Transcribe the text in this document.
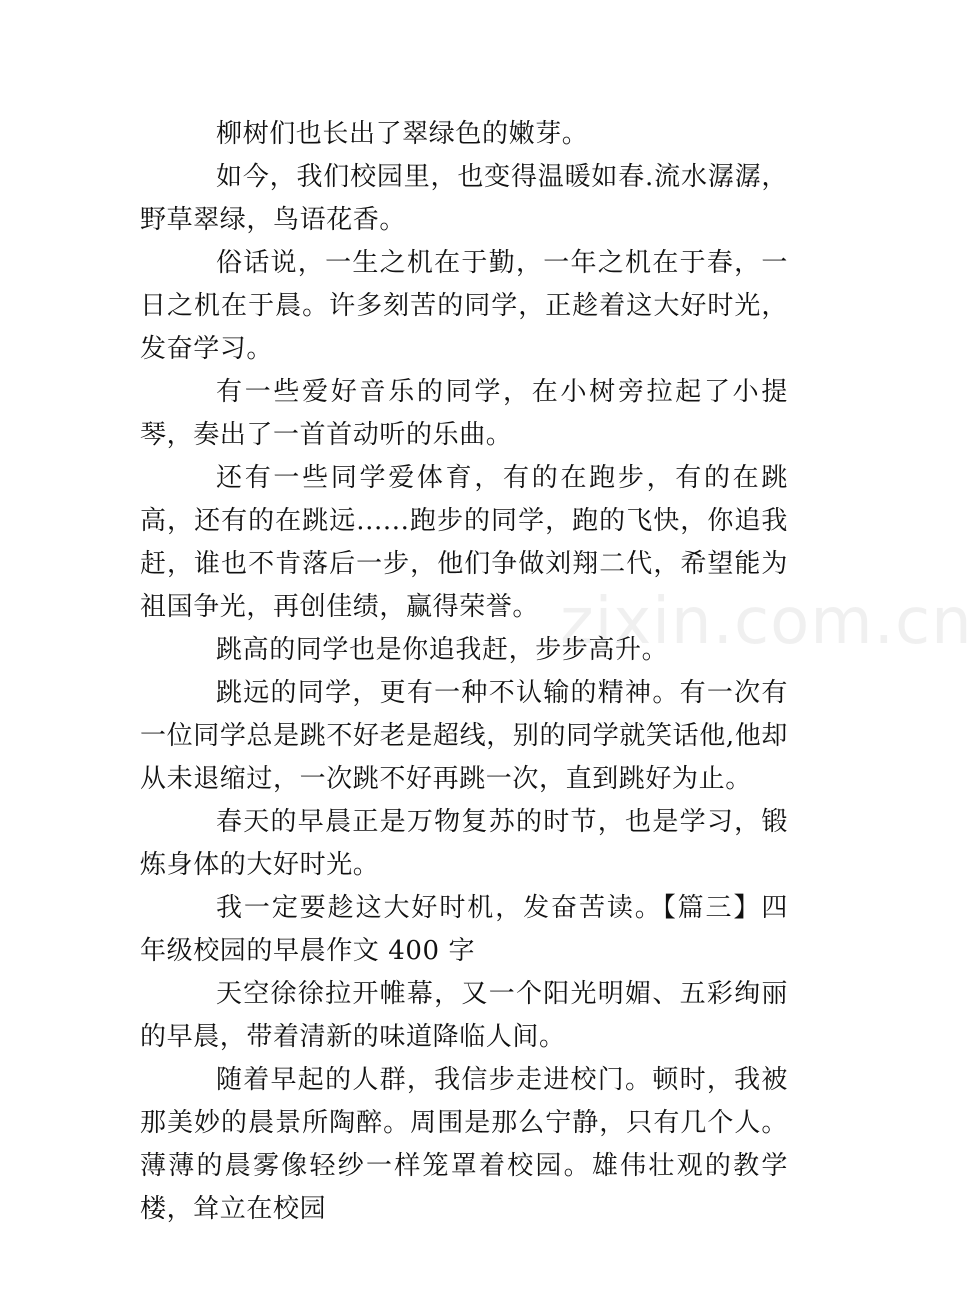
柳树们也长出了翠绿色的嫩芽。

如今，我们校园里，也变得温暖如春.流水潺潺，野草翠绿，鸟语花香。

俗话说，一生之机在于勤，一年之机在于春，一日之机在于晨。许多刻苦的同学，正趁着这大好时光，发奋学习。

有一些爱好音乐的同学，在小树旁拉起了小提琴，奏出了一首首动听的乐曲。

还有一些同学爱体育，有的在跑步，有的在跳高，还有的在跳远......跑步的同学，跑的飞快，你追我赶，谁也不肯落后一步，他们争做刘翔二代，希望能为祖国争光，再创佳绩，赢得荣誉。

跳高的同学也是你追我赶，步步高升。

跳远的同学，更有一种不认输的精神。有一次有一位同学总是跳不好老是超线，别的同学就笑话他,他却从未退缩过，一次跳不好再跳一次，直到跳好为止。

春天的早晨正是万物复苏的时节，也是学习，锻炼身体的大好时光。

我一定要趁这大好时机，发奋苦读。【篇三】四年级校园的早晨作文 400 字

天空徐徐拉开帷幕，又一个阳光明媚、五彩绚丽的早晨，带着清新的味道降临人间。

随着早起的人群，我信步走进校门。顿时，我被那美妙的晨景所陶醉。周围是那么宁静，只有几个人。薄薄的晨雾像轻纱一样笼罩着校园。雄伟壮观的教学楼，耸立在校园

zixin.com.cn
